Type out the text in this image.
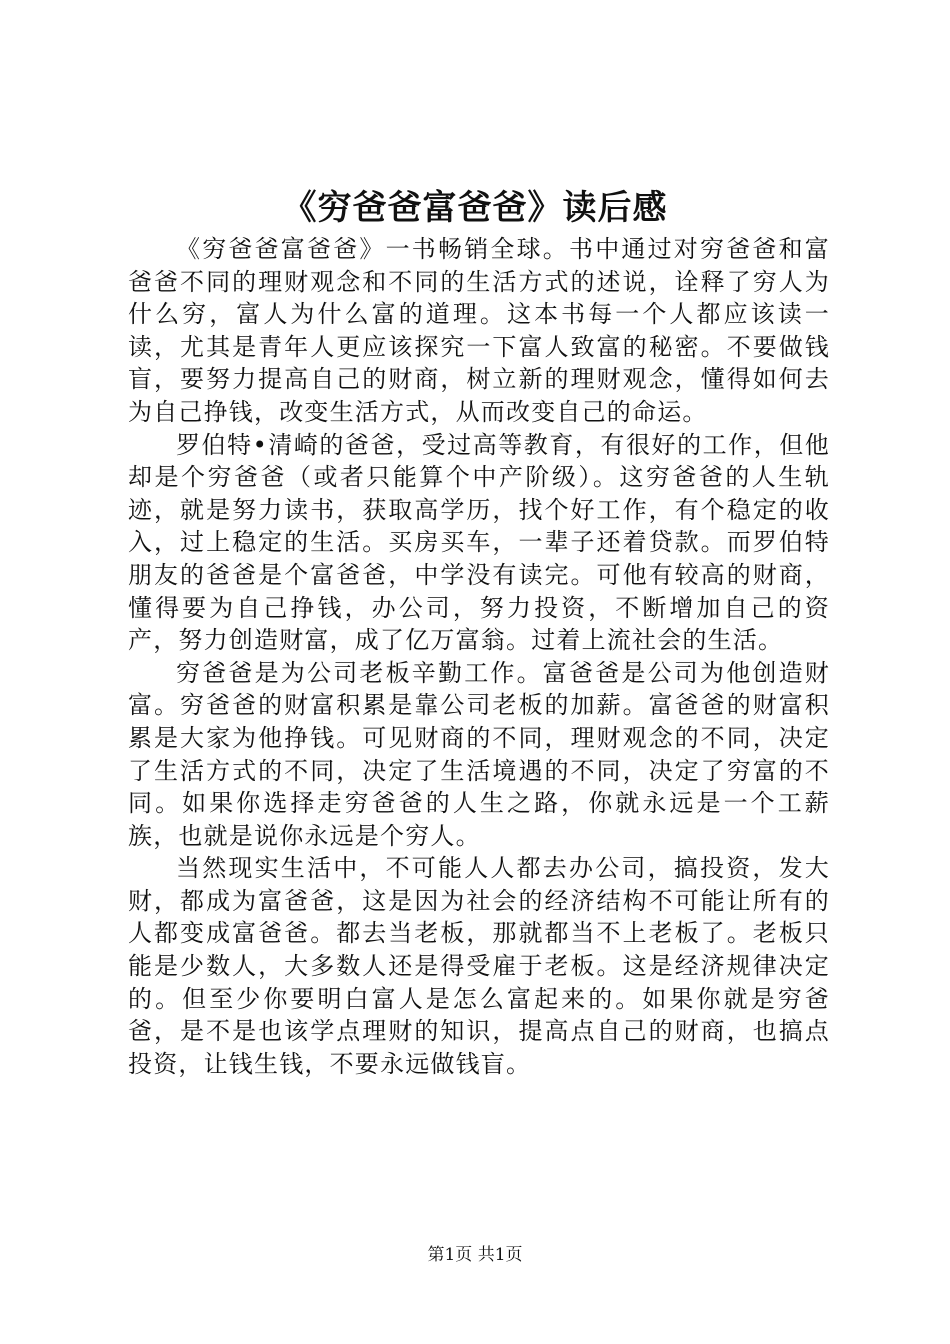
《穷爸爸富爸爸》读后感

《穷爸爸富爸爸》一书畅销全球。书中通过对穷爸爸和富爸爸不同的理财观念和不同的生活方式的述说，诠释了穷人为什么穷，富人为什么富的道理。这本书每一个人都应该读一读，尤其是青年人更应该探究一下富人致富的秘密。不要做钱盲，要努力提高自己的财商，树立新的理财观念，懂得如何去为自己挣钱，改变生活方式，从而改变自己的命运。

罗伯特•清崎的爸爸，受过高等教育，有很好的工作，但他却是个穷爸爸（或者只能算个中产阶级）。这穷爸爸的人生轨迹，就是努力读书，获取高学历，找个好工作，有个稳定的收入，过上稳定的生活。买房买车，一辈子还着贷款。而罗伯特朋友的爸爸是个富爸爸，中学没有读完。可他有较高的财商，懂得要为自己挣钱，办公司，努力投资，不断增加自己的资产，努力创造财富，成了亿万富翁。过着上流社会的生活。

穷爸爸是为公司老板辛勤工作。富爸爸是公司为他创造财富。穷爸爸的财富积累是靠公司老板的加薪。富爸爸的财富积累是大家为他挣钱。可见财商的不同，理财观念的不同，决定了生活方式的不同，决定了生活境遇的不同，决定了穷富的不同。如果你选择走穷爸爸的人生之路，你就永远是一个工薪族，也就是说你永远是个穷人。

当然现实生活中，不可能人人都去办公司，搞投资，发大财，都成为富爸爸，这是因为社会的经济结构不可能让所有的人都变成富爸爸。都去当老板，那就都当不上老板了。老板只能是少数人，大多数人还是得受雇于老板。这是经济规律决定的。但至少你要明白富人是怎么富起来的。如果你就是穷爸爸，是不是也该学点理财的知识，提高点自己的财商，也搞点投资，让钱生钱，不要永远做钱盲。

第1页 共1页
